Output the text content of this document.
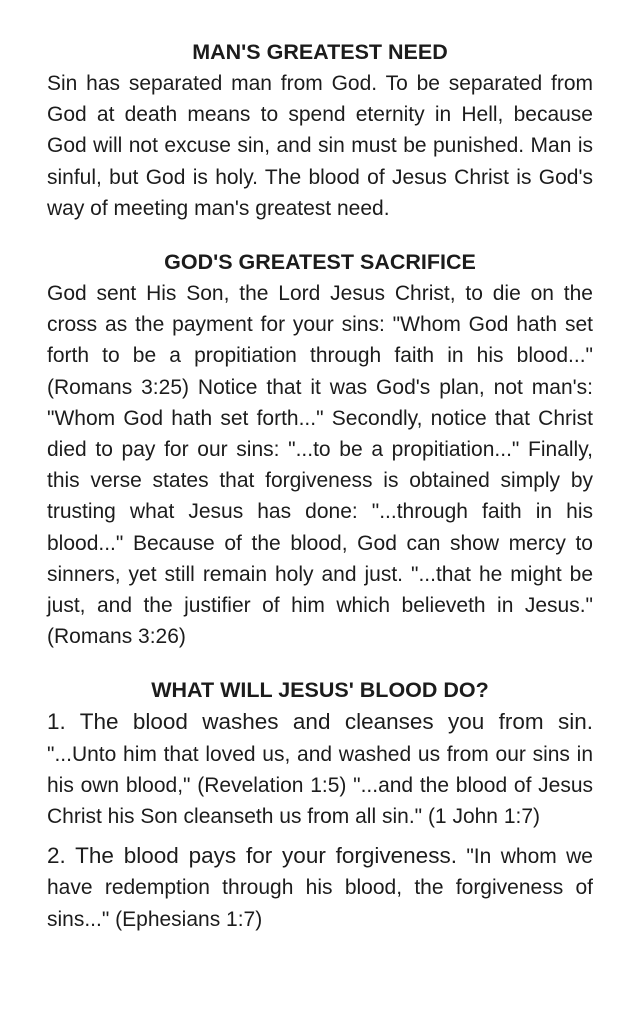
MAN'S GREATEST NEED

Sin has separated man from God. To be separated from God at death means to spend eternity in Hell, because God will not excuse sin, and sin must be punished. Man is sinful, but God is holy. The blood of Jesus Christ is God's way of meeting man's greatest need.

GOD'S GREATEST SACRIFICE

God sent His Son, the Lord Jesus Christ, to die on the cross as the payment for your sins: "Whom God hath set forth to be a propitiation through faith in his blood..." (Romans 3:25) Notice that it was God's plan, not man's: "Whom God hath set forth..." Secondly, notice that Christ died to pay for our sins: "...to be a propitiation..." Finally, this verse states that forgiveness is obtained simply by trusting what Jesus has done: "...through faith in his blood..." Because of the blood, God can show mercy to sinners, yet still remain holy and just. "...that he might be just, and the justifier of him which believeth in Jesus." (Romans 3:26)

WHAT WILL JESUS' BLOOD DO?

1. The blood washes and cleanses you from sin. "...Unto him that loved us, and washed us from our sins in his own blood," (Revelation 1:5) "...and the blood of Jesus Christ his Son cleanseth us from all sin." (1 John 1:7)

2. The blood pays for your forgiveness. "In whom we have redemption through his blood, the forgiveness of sins..." (Ephesians 1:7)
